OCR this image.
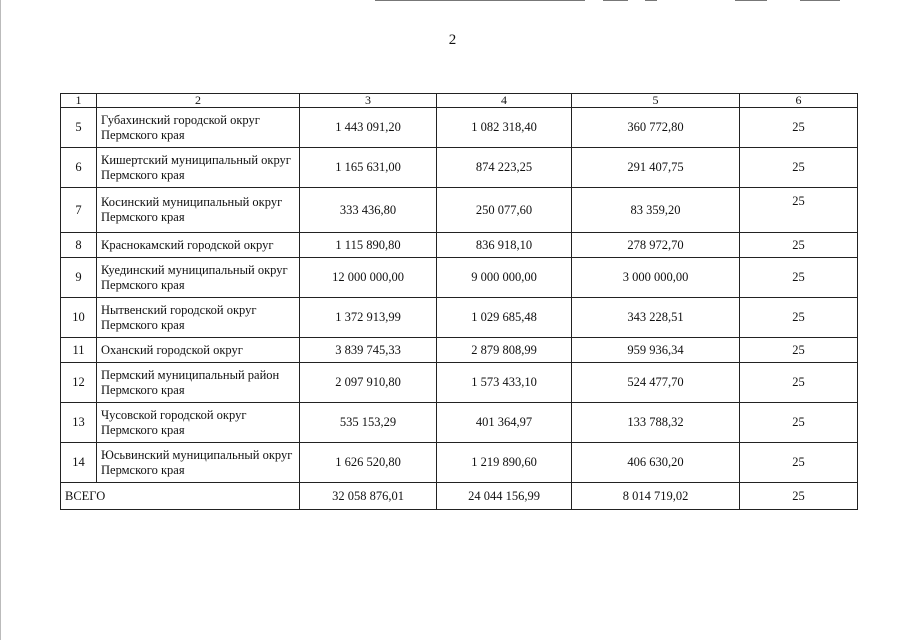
2
1	2	3	4	5	6
5	Губахинский городской округ Пермского края	1 443 091,20	1 082 318,40	360 772,80	25
6	Кишертский муниципальный округ Пермского края	1 165 631,00	874 223,25	291 407,75	25
7	Косинский муниципальный округ Пермского края	333 436,80	250 077,60	83 359,20	25
8	Краснокамский городской округ	1 115 890,80	836 918,10	278 972,70	25
9	Куединский муниципальный округ Пермского края	12 000 000,00	9 000 000,00	3 000 000,00	25
10	Нытвенский городской округ Пермского края	1 372 913,99	1 029 685,48	343 228,51	25
11	Оханский городской округ	3 839 745,33	2 879 808,99	959 936,34	25
12	Пермский муниципальный район Пермского края	2 097 910,80	1 573 433,10	524 477,70	25
13	Чусовской городской округ Пермского края	535 153,29	401 364,97	133 788,32	25
14	Юсьвинский муниципальный округ Пермского края	1 626 520,80	1 219 890,60	406 630,20	25
ВСЕГО		32 058 876,01	24 044 156,99	8 014 719,02	25
